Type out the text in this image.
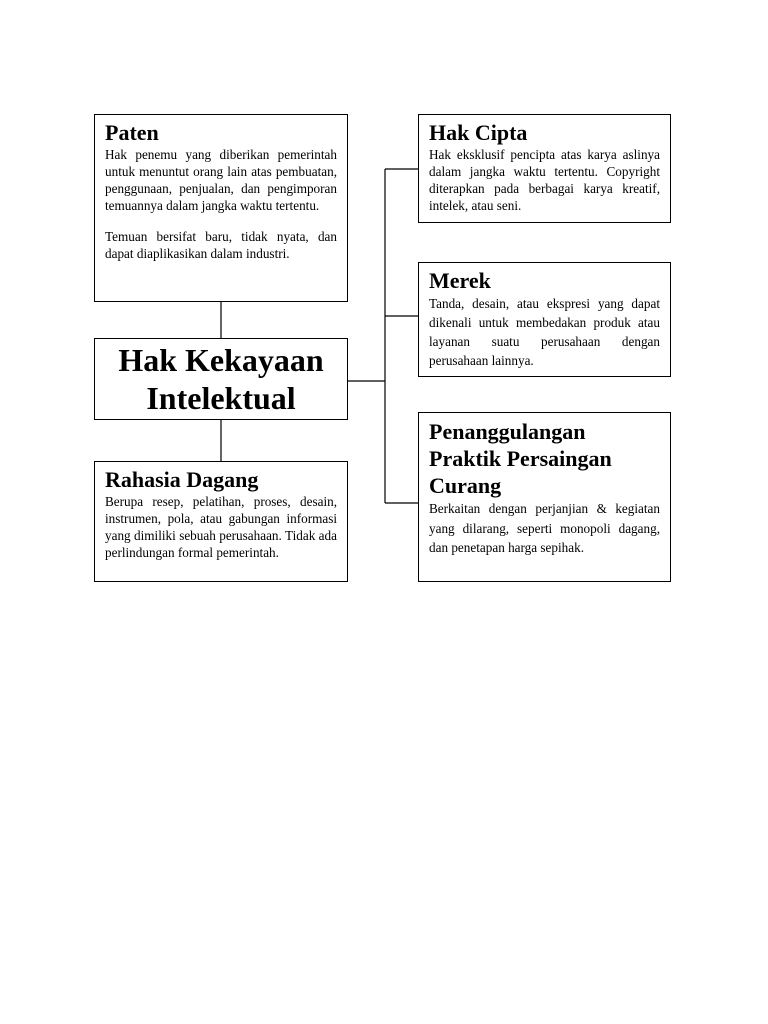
Paten

Hak penemu yang diberikan pemerintah untuk menuntut orang lain atas pembuatan, penggunaan, penjualan, dan pengimporan temuannya dalam jangka waktu tertentu.

Temuan bersifat baru, tidak nyata, dan dapat diaplikasikan dalam industri.

Hak Kekayaan
Intelektual
Rahasia Dagang

Berupa resep, pelatihan, proses, desain, instrumen, pola, atau gabungan informasi yang dimiliki sebuah perusahaan. Tidak ada perlindungan formal pemerintah.

Hak Cipta

Hak eksklusif pencipta atas karya aslinya dalam jangka waktu tertentu. Copyright diterapkan pada berbagai karya kreatif, intelek, atau seni.

Merek

Tanda, desain, atau ekspresi yang dapat dikenali untuk membedakan produk atau layanan suatu perusahaan dengan perusahaan lainnya.

Penanggulangan Praktik Persaingan Curang

Berkaitan dengan perjanjian & kegiatan yang dilarang, seperti monopoli dagang, dan penetapan harga sepihak.
